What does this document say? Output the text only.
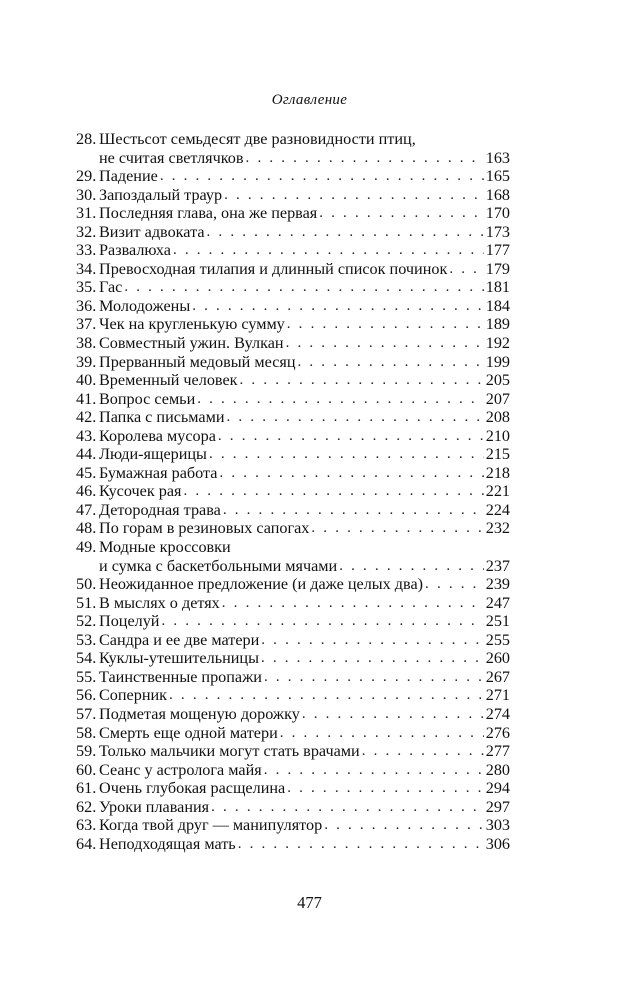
Оглавление
28. Шестьсот семьдесят две разновидности птиц,
не считая светлячков . . .	163
29. Падение . . .	165
30. Запоздалый траур . . .	168
31. Последняя глава, она же первая . . .	170
32. Визит адвоката . . .	173
33. Развалюха . . .	177
34. Превосходная тилапия и длинный список починок . . . 179
35. Гас . . .	181
36. Молодожены . . .	184
37. Чек на кругленькую сумму . . .	189
38. Совместный ужин. Вулкан . . .	192
39. Прерванный медовый месяц . . .	199
40. Временный человек . . .	205
41. Вопрос семьи . . .	207
42. Папка с письмами . . .	208
43. Королева мусора . . .	210
44. Люди-ящерицы . . .	215
45. Бумажная работа . . .	218
46. Кусочек рая . . .	221
47. Детородная трава . . .	224
48. По горам в резиновых сапогах . . .	232
49. Модные кроссовки
и сумка с баскетбольными мячами . . .	237
50. Неожиданное предложение (и даже целых два) . . .	239
51. В мыслях о детях . . .	247
52. Поцелуй . . .	251
53. Сандра и ее две матери . . .	255
54. Куклы-утешительницы . . .	260
55. Таинственные пропажи . . .	267
56. Соперник . . .	271
57. Подметая мощеную дорожку . . .	274
58. Смерть еще одной матери . . .	276
59. Только мальчики могут стать врачами . . .	277
60. Сеанс у астролога майя . . .	280
61. Очень глубокая расщелина . . .	294
62. Уроки плавания . . .	297
63. Когда твой друг — манипулятор . . .	303
64. Неподходящая мать . . .	306
477
